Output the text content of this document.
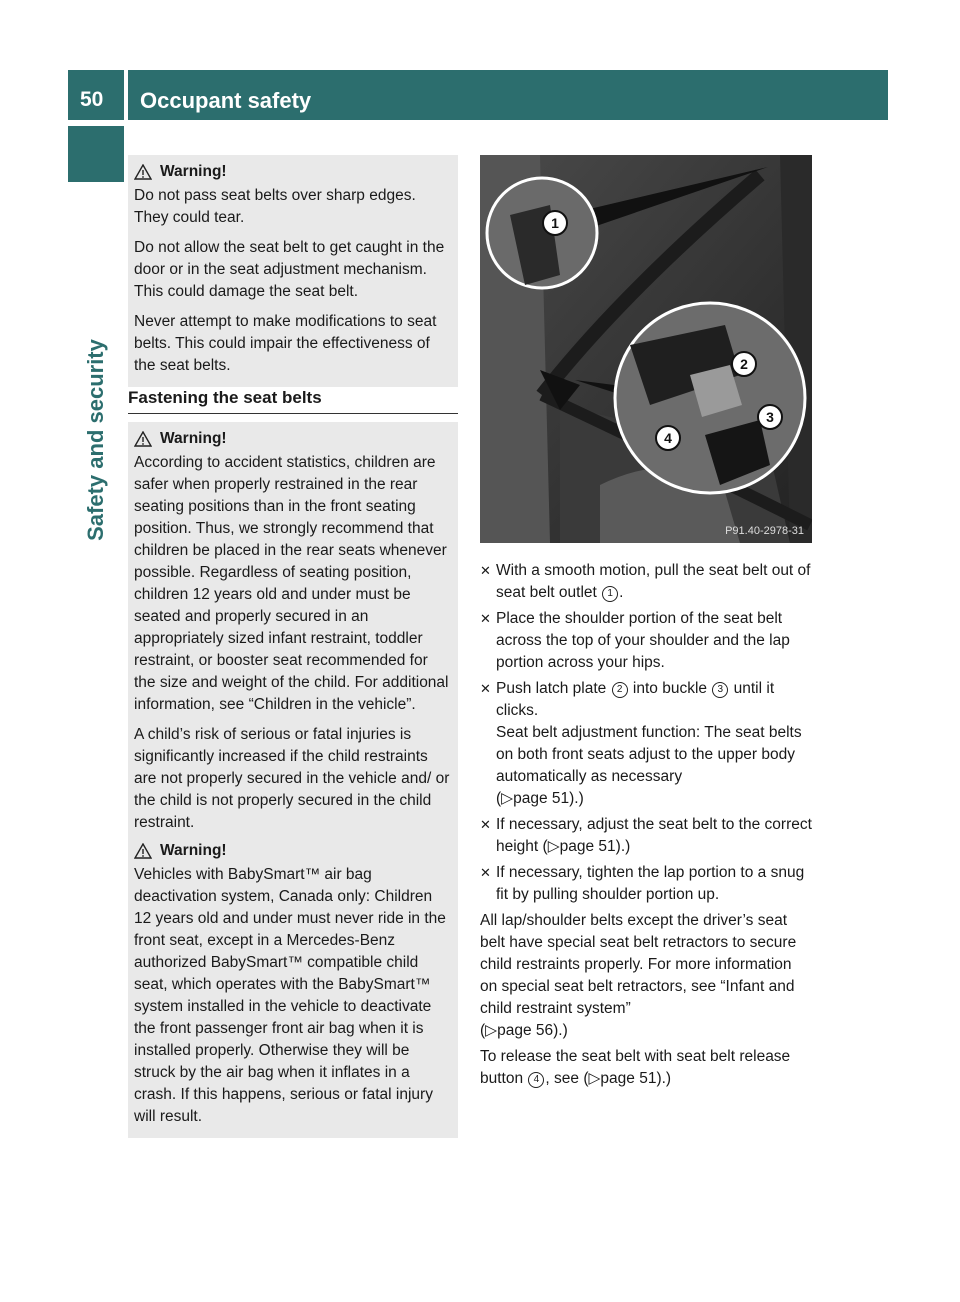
50 Occupant safety
Safety and security
Warning!

Do not pass seat belts over sharp edges. They could tear.

Do not allow the seat belt to get caught in the door or in the seat adjustment mechanism. This could damage the seat belt.

Never attempt to make modifications to seat belts. This could impair the effectiveness of the seat belts.

Fastening the seat belts
Warning!

According to accident statistics, children are safer when properly restrained in the rear seating positions than in the front seating position. Thus, we strongly recommend that children be placed in the rear seats whenever possible. Regardless of seating position, children 12 years old and under must be seated and properly secured in an appropriately sized infant restraint, toddler restraint, or booster seat recommended for the size and weight of the child. For additional information, see “Children in the vehicle”.

A child’s risk of serious or fatal injuries is significantly increased if the child restraints are not properly secured in the vehicle and/ or the child is not properly secured in the child restraint.

Warning!

Vehicles with BabySmart™ air bag deactivation system, Canada only: Children 12 years old and under must never ride in the front seat, except in a Mercedes-Benz authorized BabySmart™ compatible child seat, which operates with the BabySmart™ system installed in the vehicle to deactivate the front passenger front air bag when it is installed properly. Otherwise they will be struck by the air bag when it inflates in a crash. If this happens, serious or fatal injury will result.

1
2
3
4
P91.40-2978-31
✕ With a smooth motion, pull the seat belt out of seat belt outlet 1 .

✕ Place the shoulder portion of the seat belt across the top of your shoulder and the lap portion across your hips.

✕ Push latch plate 2 into buckle 3 until it clicks.

Seat belt adjustment function: The seat belts on both front seats adjust to the upper body automatically as necessary

(▷ page 51). )

✕ If necessary, adjust the seat belt to the correct height (▷ page 51). )

✕ If necessary, tighten the lap portion to a snug fit by pulling shoulder portion up.

All lap/shoulder belts except the driver’s seat belt have special seat belt retractors to secure child restraints properly. For more information on special seat belt retractors, see “Infant and child restraint system”
(▷ page 56). )

To release the seat belt with seat belt release button 4 , see (▷ page 51). )
